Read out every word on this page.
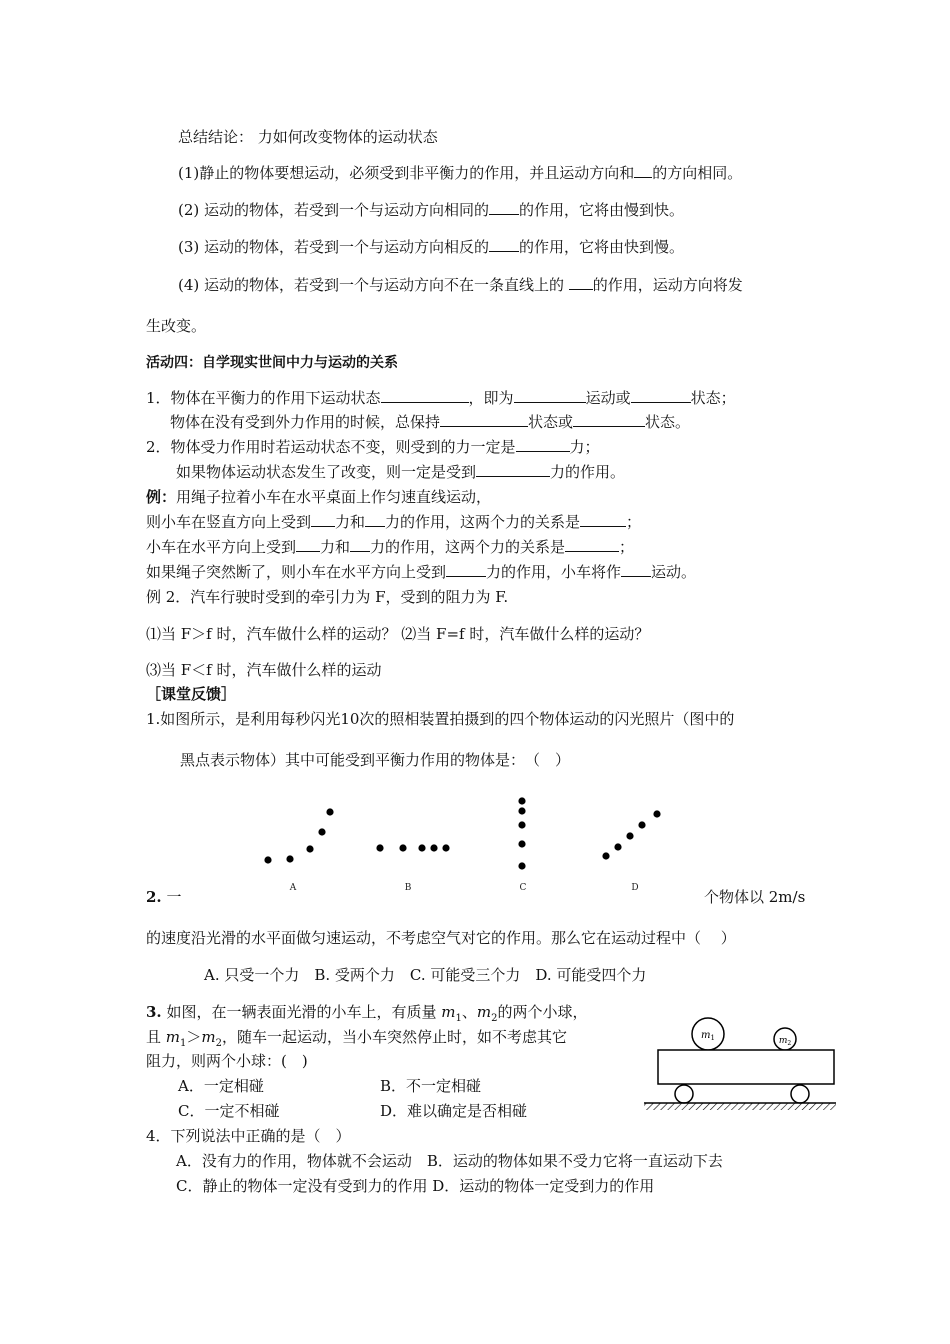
总结结论： 力如何改变物体的运动状态
(1)静止的物体要想运动，必须受到非平衡力的作用，并且运动方向和 的方向相同。
(2) 运动的物体，若受到一个与运动方向相同的 的作用，它将由慢到快。
(3) 运动的物体，若受到一个与运动方向相反的 的作用，它将由快到慢。
(4) 运动的物体，若受到一个与运动方向不在一条直线上的 的作用，运动方向将发
生改变。
活动四：自学现实世间中力与运动的关系
1．物体在平衡力的作用下运动状态	，即为	运动或	状态；
物体在没有受到外力作用的时候，总保持	状态或	状态。
2．物体受力作用时若运动状态不变，则受到的力一定是	力；
如果物体运动状态发生了改变，则一定是受到	力的作用。
例：用绳子拉着小车在水平桌面上作匀速直线运动，
则小车在竖直方向上受到 力和 力的作用，这两个力的关系是	；
小车在水平方向上受到 力和 力的作用，这两个力的关系是	；
如果绳子突然断了，则小车在水平方向上受到	力的作用，小车将作 运动。
例 2．汽车行驶时受到的牵引力为 F，受到的阻力为 F.
⑴当 F＞f 时，汽车做什么样的运动？ ⑵当 F=f 时，汽车做什么样的运动？
⑶当 F＜f 时，汽车做什么样的运动
［课堂反馈］
1.如图所示，是利用每秒闪光10次的照相装置拍摄到的四个物体运动的闪光照片（图中的
黑点表示物体）其中可能受到平衡力作用的物体是：　（　）
A	B	C	D
2. 一	个物体以 2m/s
的速度沿光滑的水平面做匀速运动，不考虑空气对它的作用。那么它在运动过程中（　 ）
A. 只受一个力　B. 受两个力　C. 可能受三个力　D. 可能受四个力
3. 如图，在一辆表面光滑的小车上，有质量 $m_1$、$m_2$的两个小球，
且 $m_1>m_2$，随车一起运动，当小车突然停止时，如不考虑其它
阻力，则两个小球：(　)
A．一定相碰	B．不一定相碰
C．一定不相碰	D．难以确定是否相碰
$m_1$	$m_2$
4．下列说法中正确的是（　）
A．没有力的作用，物体就不会运动　B．运动的物体如果不受力它将一直运动下去
C．静止的物体一定没有受到力的作用 D．运动的物体一定受到力的作用
